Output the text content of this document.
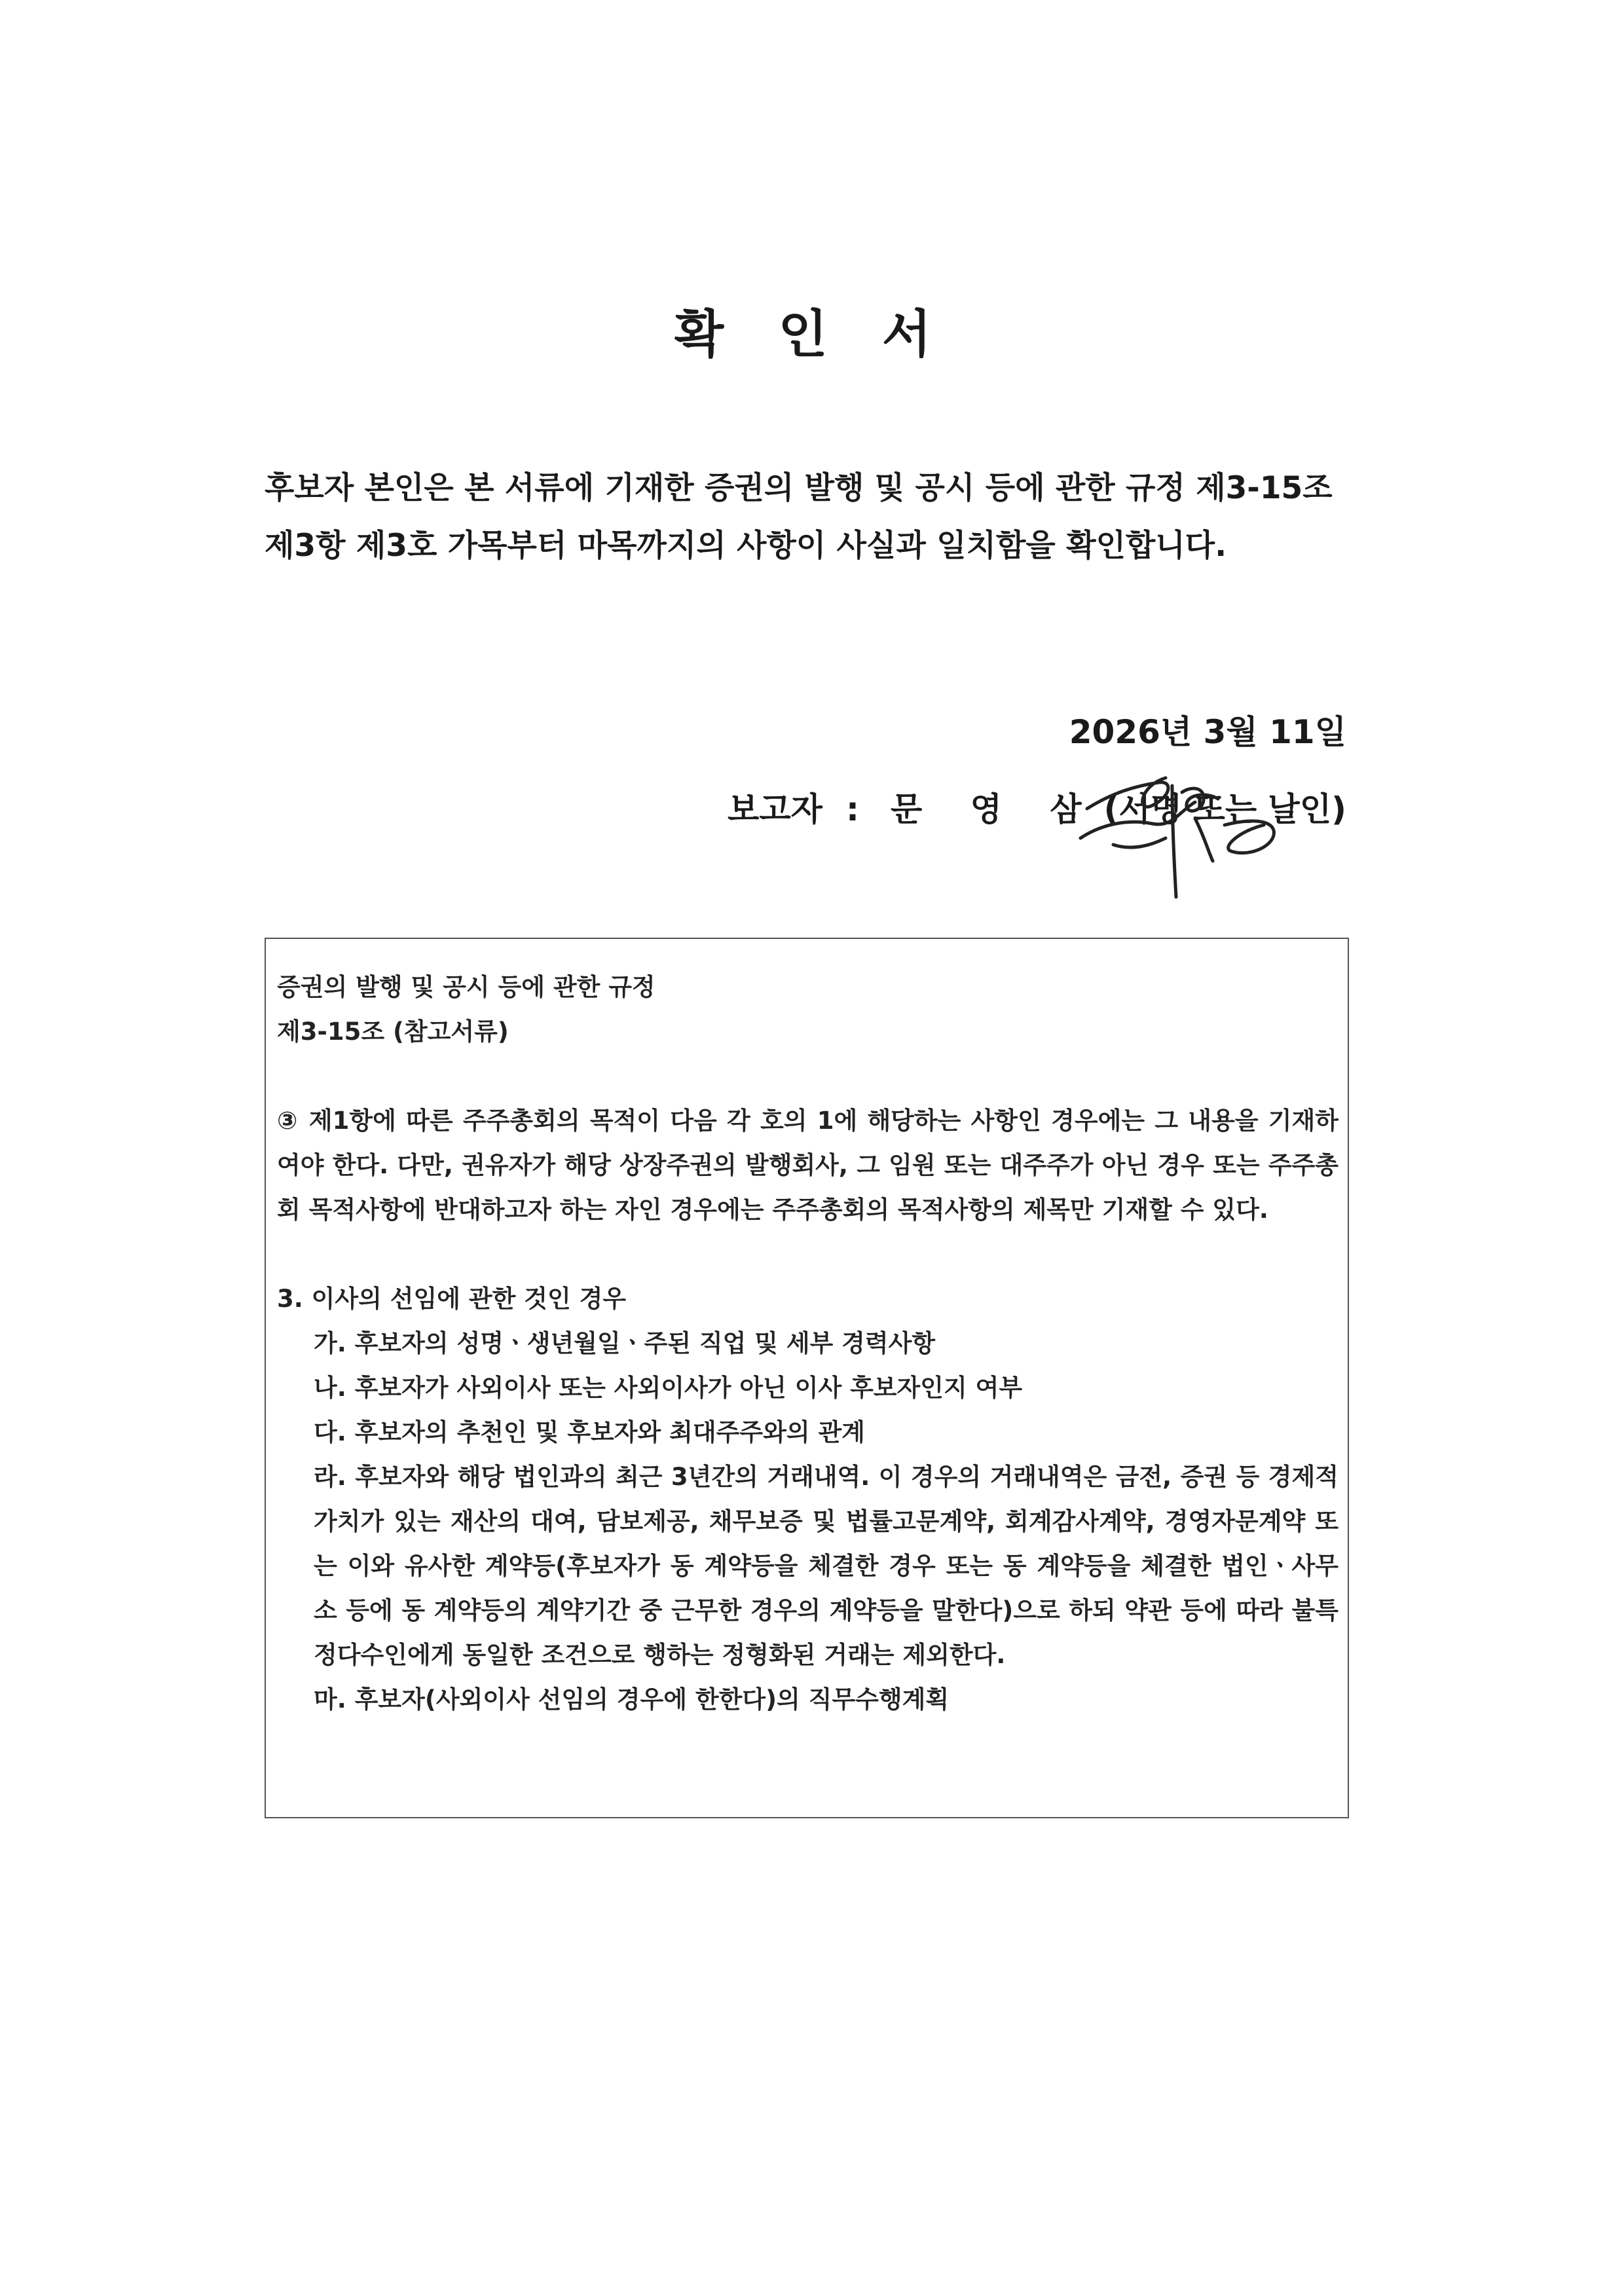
확 인 서
후보자 본인은 본 서류에 기재한 증권의 발행 및 공시 등에 관한 규정 제3-15조 제3항 제3호 가목부터 마목까지의 사항이 사실과 일치함을 확인합니다.
2026년 3월 11일
보고자 : 문 영 삼 (서명 또는 날인)

증권의 발행 및 공시 등에 관한 규정

제3-15조 (참고서류)

③ 제1항에 따른 주주총회의 목적이 다음 각 호의 1에 해당하는 사항인 경우에는 그 내용을 기재하여야 한다. 다만, 권유자가 해당 상장주권의 발행회사, 그 임원 또는 대주주가 아닌 경우 또는 주주총회 목적사항에 반대하고자 하는 자인 경우에는 주주총회의 목적사항의 제목만 기재할 수 있다.

3. 이사의 선임에 관한 것인 경우

가. 후보자의 성명ㆍ생년월일ㆍ주된 직업 및 세부 경력사항

나. 후보자가 사외이사 또는 사외이사가 아닌 이사 후보자인지 여부

다. 후보자의 추천인 및 후보자와 최대주주와의 관계

라. 후보자와 해당 법인과의 최근 3년간의 거래내역. 이 경우의 거래내역은 금전, 증권 등 경제적 가치가 있는 재산의 대여, 담보제공, 채무보증 및 법률고문계약, 회계감사계약, 경영자문계약 또는 이와 유사한 계약등(후보자가 동 계약등을 체결한 경우 또는 동 계약등을 체결한 법인ㆍ사무소 등에 동 계약등의 계약기간 중 근무한 경우의 계약등을 말한다)으로 하되 약관 등에 따라 불특정다수인에게 동일한 조건으로 행하는 정형화된 거래는 제외한다.

마. 후보자(사외이사 선임의 경우에 한한다)의 직무수행계획
